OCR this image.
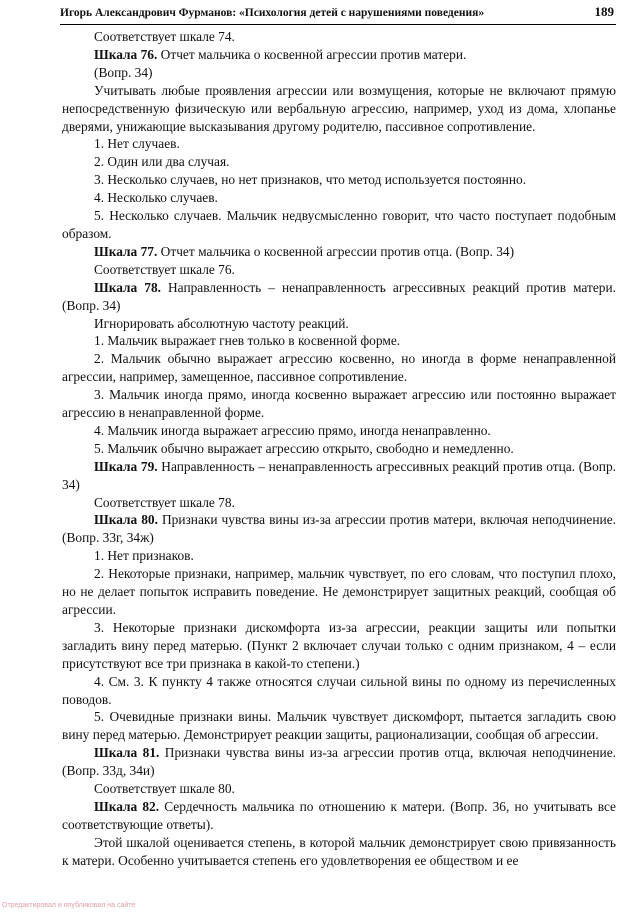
Игорь Александрович Фурманов: «Психология детей с нарушениями поведения»	189

Соответствует шкале 74.

Шкала 76. Отчет мальчика о косвенной агрессии против матери.

(Вопр. 34)

Учитывать любые проявления агрессии или возмущения, которые не включают прямую непосредственную физическую или вербальную агрессию, например, уход из дома, хлопанье дверями, унижающие высказывания другому родителю, пассивное сопротивление.

1. Нет случаев.

2. Один или два случая.

3. Несколько случаев, но нет признаков, что метод используется постоянно.

4. Несколько случаев.

5. Несколько случаев. Мальчик недвусмысленно говорит, что часто поступает подобным образом.

Шкала 77. Отчет мальчика о косвенной агрессии против отца. (Вопр. 34)

Соответствует шкале 76.

Шкала 78. Направленность – ненаправленность агрессивных реакций против матери. (Вопр. 34)

Игнорировать абсолютную частоту реакций.

1. Мальчик выражает гнев только в косвенной форме.

2. Мальчик обычно выражает агрессию косвенно, но иногда в форме ненаправленной агрессии, например, замещенное, пассивное сопротивление.

3. Мальчик иногда прямо, иногда косвенно выражает агрессию или постоянно выражает агрессию в ненаправленной форме.

4. Мальчик иногда выражает агрессию прямо, иногда ненаправленно.

5. Мальчик обычно выражает агрессию открыто, свободно и немедленно.

Шкала 79. Направленность – ненаправленность агрессивных реакций против отца. (Вопр. 34)

Соответствует шкале 78.

Шкала 80. Признаки чувства вины из-за агрессии против матери, включая неподчинение. (Вопр. 33г, 34ж)

1. Нет признаков.

2. Некоторые признаки, например, мальчик чувствует, по его словам, что поступил плохо, но не делает попыток исправить поведение. Не демонстрирует защитных реакций, сообщая об агрессии.

3. Некоторые признаки дискомфорта из-за агрессии, реакции защиты или попытки загладить вину перед матерью. (Пункт 2 включает случаи только с одним признаком, 4 – если присутствуют все три признака в какой-то степени.)

4. См. 3. К пункту 4 также относятся случаи сильной вины по одному из перечисленных поводов.

5. Очевидные признаки вины. Мальчик чувствует дискомфорт, пытается загладить свою вину перед матерью. Демонстрирует реакции защиты, рационализации, сообщая об агрессии.

Шкала 81. Признаки чувства вины из-за агрессии против отца, включая неподчинение. (Вопр. 33д, 34и)

Соответствует шкале 80.

Шкала 82. Сердечность мальчика по отношению к матери. (Вопр. 36, но учитывать все соответствующие ответы).

Этой шкалой оценивается степень, в которой мальчик демонстрирует свою привязанность к матери. Особенно учитывается степень его удовлетворения ее обществом и ее

Отредактировал и опубликовал на сайте
